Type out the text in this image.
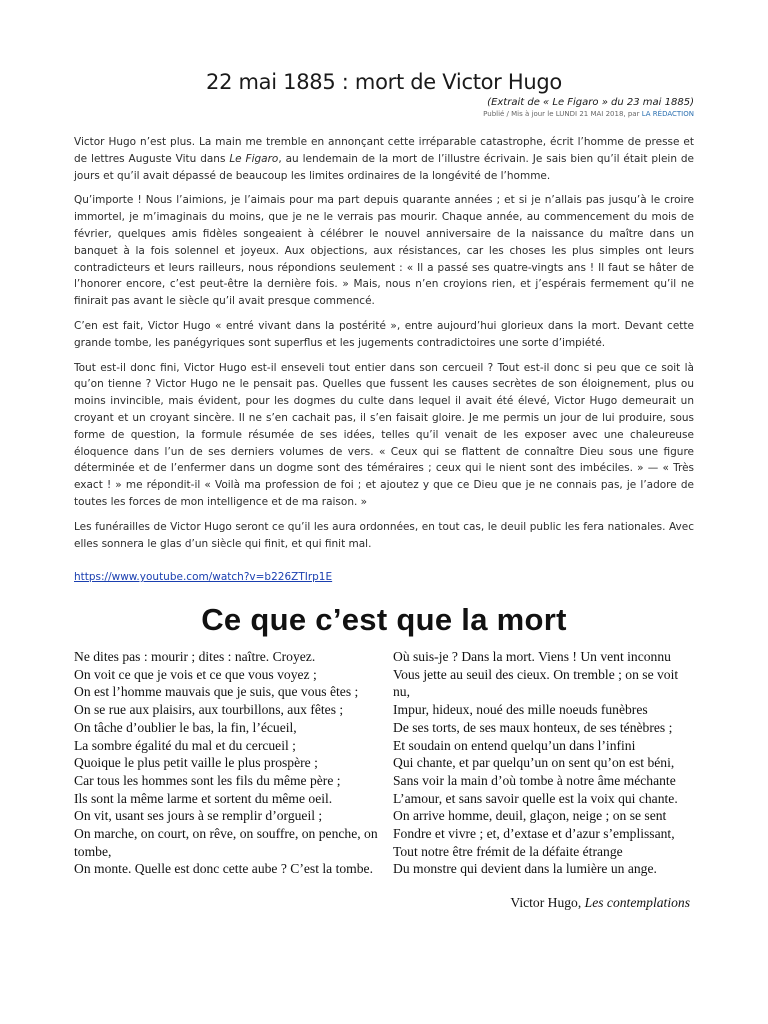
22 mai 1885 : mort de Victor Hugo
(Extrait de « Le Figaro » du 23 mai 1885)
Publié / Mis à jour le LUNDI 21 MAI 2018, par LA RÉDACTION

Victor Hugo n’est plus. La main me tremble en annonçant cette irréparable catastrophe, écrit l’homme de presse et de lettres Auguste Vitu dans Le Figaro, au lendemain de la mort de l’illustre écrivain. Je sais bien qu’il était plein de jours et qu’il avait dépassé de beaucoup les limites ordinaires de la longévité de l’homme.

Qu’importe ! Nous l’aimions, je l’aimais pour ma part depuis quarante années ; et si je n’allais pas jusqu’à le croire immortel, je m’imaginais du moins, que je ne le verrais pas mourir. Chaque année, au commencement du mois de février, quelques amis fidèles songeaient à célébrer le nouvel anniversaire de la naissance du maître dans un banquet à la fois solennel et joyeux. Aux objections, aux résistances, car les choses les plus simples ont leurs contradicteurs et leurs railleurs, nous répondions seulement : « Il a passé ses quatre-vingts ans ! Il faut se hâter de l’honorer encore, c’est peut-être la dernière fois. » Mais, nous n’en croyions rien, et j’espérais fermement qu’il ne finirait pas avant le siècle qu’il avait presque commencé.

C’en est fait, Victor Hugo « entré vivant dans la postérité », entre aujourd’hui glorieux dans la mort. Devant cette grande tombe, les panégyriques sont superflus et les jugements contradictoires une sorte d’impiété.

Tout est-il donc fini, Victor Hugo est-il enseveli tout entier dans son cercueil ? Tout est-il donc si peu que ce soit là qu’on tienne ? Victor Hugo ne le pensait pas. Quelles que fussent les causes secrètes de son éloignement, plus ou moins invincible, mais évident, pour les dogmes du culte dans lequel il avait été élevé, Victor Hugo demeurait un croyant et un croyant sincère. Il ne s’en cachait pas, il s’en faisait gloire. Je me permis un jour de lui produire, sous forme de question, la formule résumée de ses idées, telles qu’il venait de les exposer avec une chaleureuse éloquence dans l’un de ses derniers volumes de vers. « Ceux qui se flattent de connaître Dieu sous une figure déterminée et de l’enfermer dans un dogme sont des téméraires ; ceux qui le nient sont des imbéciles. » — « Très exact ! » me répondit-il « Voilà ma profession de foi ; et ajoutez y que ce Dieu que je ne connais pas, je l’adore de toutes les forces de mon intelligence et de ma raison. »

Les funérailles de Victor Hugo seront ce qu’il les aura ordonnées, en tout cas, le deuil public les fera nationales. Avec elles sonnera le glas d’un siècle qui finit, et qui finit mal.

https://www.youtube.com/watch?v=b226ZTIrp1E
Ce que c’est que la mort
Ne dites pas : mourir ; dites : naître. Croyez.
On voit ce que je vois et ce que vous voyez ;
On est l’homme mauvais que je suis, que vous êtes ;
On se rue aux plaisirs, aux tourbillons, aux fêtes ;
On tâche d’oublier le bas, la fin, l’écueil,
La sombre égalité du mal et du cercueil ;
Quoique le plus petit vaille le plus prospère ;
Car tous les hommes sont les fils du même père ;
Ils sont la même larme et sortent du même oeil.
On vit, usant ses jours à se remplir d’orgueil ;
On marche, on court, on rêve, on souffre, on penche, on tombe,
On monte. Quelle est donc cette aube ? C’est la tombe.
Où suis-je ? Dans la mort. Viens ! Un vent inconnu
Vous jette au seuil des cieux. On tremble ; on se voit nu,
Impur, hideux, noué des mille noeuds funèbres
De ses torts, de ses maux honteux, de ses ténèbres ;
Et soudain on entend quelqu’un dans l’infini
Qui chante, et par quelqu’un on sent qu’on est béni,
Sans voir la main d’où tombe à notre âme méchante
L’amour, et sans savoir quelle est la voix qui chante.
On arrive homme, deuil, glaçon, neige ; on se sent
Fondre et vivre ; et, d’extase et d’azur s’emplissant,
Tout notre être frémit de la défaite étrange
Du monstre qui devient dans la lumière un ange.
Victor Hugo, Les contemplations
